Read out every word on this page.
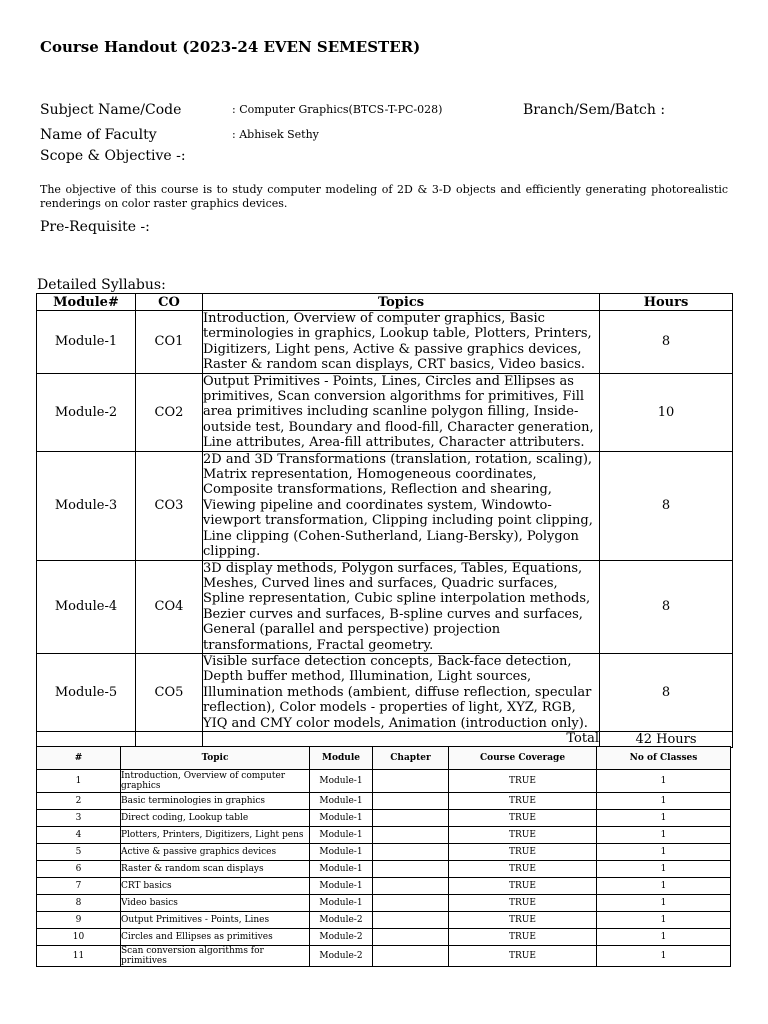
Course Handout (2023-24 EVEN SEMESTER)
Subject Name/Code	: Computer Graphics(BTCS-T-PC-028)	Branch/Sem/Batch :
Name of Faculty	: Abhisek Sethy
Scope & Objective -:
The objective of this course is to study computer modeling of 2D & 3-D objects and efficiently generating photorealistic renderings on color raster graphics devices.
Pre-Requisite -:
Detailed Syllabus:
Module#	CO	Topics	Hours
Module-1	CO1	Introduction, Overview of computer graphics, Basic terminologies in graphics, Lookup table, Plotters, Printers, Digitizers, Light pens, Active & passive graphics devices, Raster & random scan displays, CRT basics, Video basics.	8
Module-2	CO2	Output Primitives - Points, Lines, Circles and Ellipses as primitives, Scan conversion algorithms for primitives, Fill area primitives including scanline polygon filling, Inside-outside test, Boundary and flood-fill, Character generation, Line attributes, Area-fill attributes, Character attributers.	10
Module-3	CO3	2D and 3D Transformations (translation, rotation, scaling), Matrix representation, Homogeneous coordinates, Composite transformations, Reflection and shearing, Viewing pipeline and coordinates system, Windowto- viewport transformation, Clipping including point clipping, Line clipping (Cohen-Sutherland, Liang-Bersky), Polygon clipping.	8
Module-4	CO4	3D display methods, Polygon surfaces, Tables, Equations, Meshes, Curved lines and surfaces, Quadric surfaces, Spline representation, Cubic spline interpolation methods, Bezier curves and surfaces, B-spline curves and surfaces, General (parallel and perspective) projection transformations, Fractal geometry.	8
Module-5	CO5	Visible surface detection concepts, Back-face detection, Depth buffer method, Illumination, Light sources, Illumination methods (ambient, diffuse reflection, specular reflection), Color models - properties of light, XYZ, RGB, YIQ and CMY color models, Animation (introduction only).	8
		Total	42 Hours
#	Topic	Module	Chapter	Course Coverage	No of Classes
1	Introduction, Overview of computer graphics	Module-1		TRUE	1
2	Basic terminologies in graphics	Module-1		TRUE	1
3	Direct coding, Lookup table	Module-1		TRUE	1
4	Plotters, Printers, Digitizers, Light pens	Module-1		TRUE	1
5	Active & passive graphics devices	Module-1		TRUE	1
6	Raster & random scan displays	Module-1		TRUE	1
7	CRT basics	Module-1		TRUE	1
8	Video basics	Module-1		TRUE	1
9	Output Primitives - Points, Lines	Module-2		TRUE	1
10	Circles and Ellipses as primitives	Module-2		TRUE	1
11	Scan conversion algorithms for primitives	Module-2		TRUE	1
